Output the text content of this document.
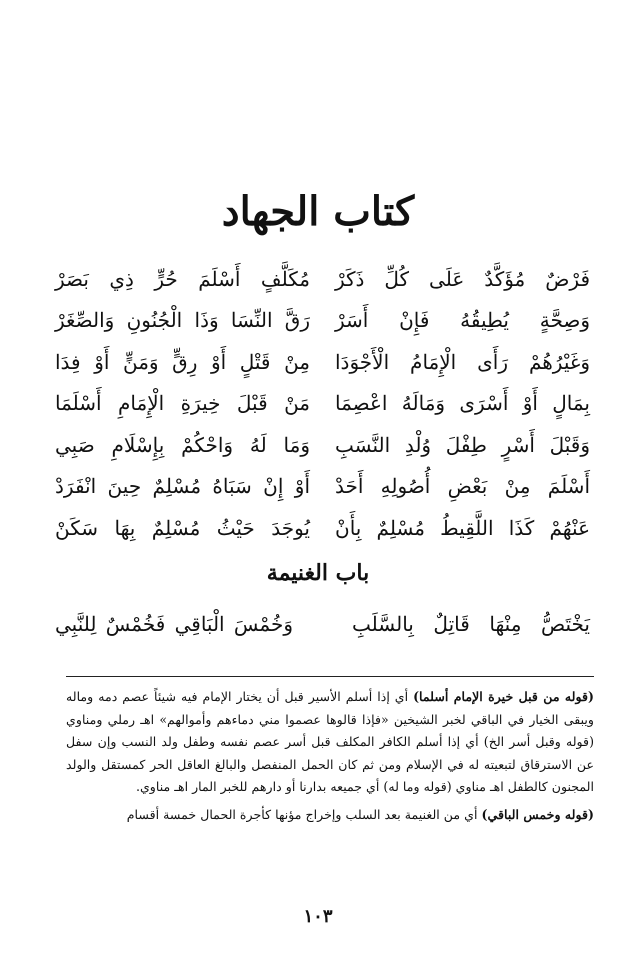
كتاب الجهاد
فَرْضٌ مُؤَكَّدٌ عَلَى كُلِّ ذَكَرْ
مُكَلَّفٍ أَسْلَمَ حُرٍّ ذِي بَصَرْ
وَصِحَّةٍ يُطِيقُهُ فَإِنْ أَسَرْ
رَقَّ النِّسَا وَذَا الْجُنُونِ وَالصِّغَرْ
وَغَيْرُهُمْ رَأَى الْإِمَامُ الْأَجْوَدَا
مِنْ قَتْلٍ أَوْ رِقٍّ وَمَنٍّ أَوْ فِدَا
بِمَالٍ أَوْ أَسْرَى وَمَالَهُ اعْصِمَا
مَنْ قَبْلَ خِيرَةِ الْإِمَامِ أَسْلَمَا
وَقَبْلَ أَسْرٍ طِفْلَ وُلْدِ النَّسَبِ
وَمَا لَهُ وَاحْكُمْ بِإِسْلَامِ صَبِي
أَسْلَمَ مِنْ بَعْضِ أُصُولِهِ أَحَدْ
أَوْ إِنْ سَبَاهُ مُسْلِمٌ حِينَ انْفَرَدْ
عَنْهُمْ كَذَا اللَّقِيطُ مُسْلِمٌ بِأَنْ
يُوجَدَ حَيْثُ مُسْلِمٌ بِهَا سَكَنْ
باب الغنيمة
يَخْتَصُّ مِنْهَا قَاتِلٌ بِالسَّلَبِ
وَخُمْسَ الْبَاقِي فَخُمْسٌ لِلنَّبِي

(قوله من قبل خيرة الإمام أسلما) أي إذا أسلم الأسير قبل أن يختار الإمام فيه شيئاً عصم دمه وماله ويبقى الخيار في الباقي لخبر الشيخين «فإذا قالوها عصموا مني دماءهم وأموالهم» اهـ رملي ومناوي (قوله وقبل أسر الخ) أي إذا أسلم الكافر المكلف قبل أسر عصم نفسه وطفل ولد النسب وإن سفل عن الاسترقاق لتبعيته له في الإسلام ومن ثم كان الحمل المنفصل والبالغ العاقل الحر كمستقل والولد المجنون كالطفل اهـ مناوي (قوله وما له) أي جميعه بدارنا أو دارهم للخبر المار اهـ مناوي.

(قوله وخمس الباقي) أي من الغنيمة بعد السلب وإخراج مؤنها كأجرة الحمال خمسة أقسام

١٠٣
